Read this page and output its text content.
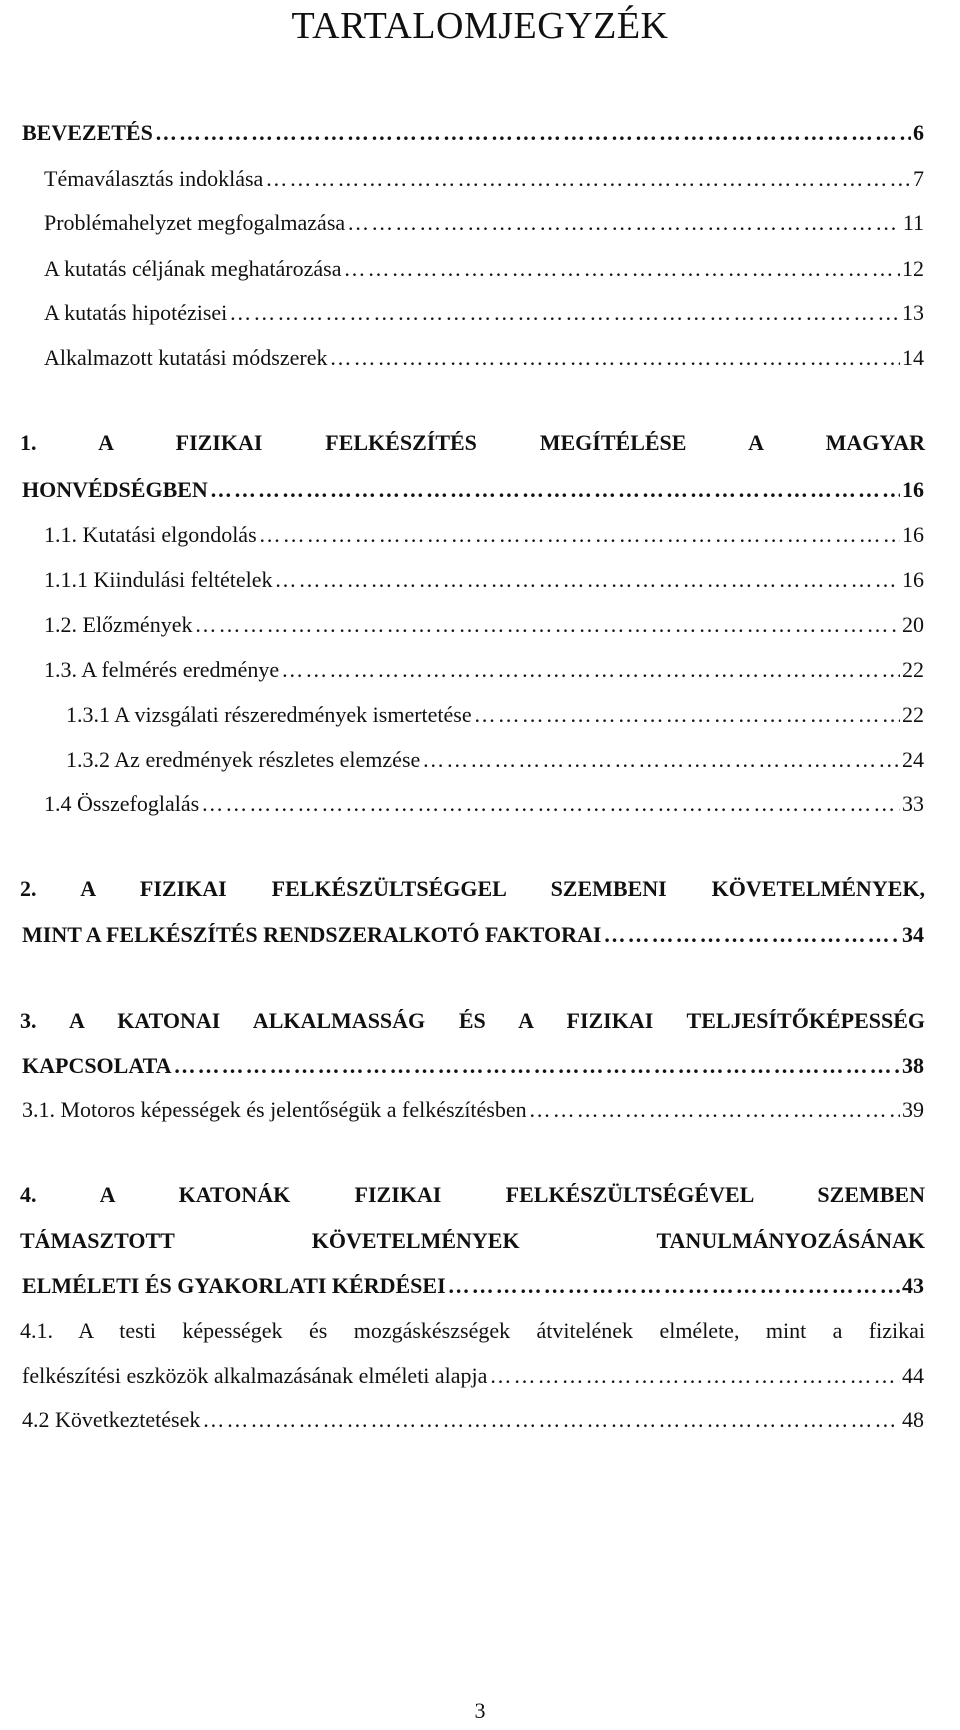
TARTALOMJEGYZÉK
BEVEZETÉS …………………………………………………………………………………………………………………………………………………………………………………………………………………………………………………………………	6
Témaválasztás indoklása …………………………………………………………………………………………………………………………………………………………………………………………………………………………………………………………………	7
Problémahelyzet megfogalmazása …………………………………………………………………………………………………………………………………………………………………………………………………………………………………………………………………	11
A kutatás céljának meghatározása …………………………………………………………………………………………………………………………………………………………………………………………………………………………………………………………………	12
A kutatás hipotézisei …………………………………………………………………………………………………………………………………………………………………………………………………………………………………………………………………	13
Alkalmazott kutatási módszerek …………………………………………………………………………………………………………………………………………………………………………………………………………………………………………………………………	14
1. A FIZIKAI FELKÉSZÍTÉS MEGÍTÉLÉSE A MAGYAR
HONVÉDSÉGBEN …………………………………………………………………………………………………………………………………………………………………………………………………………………………………………………………………	16
1.1. Kutatási elgondolás …………………………………………………………………………………………………………………………………………………………………………………………………………………………………………………………………	16
1.1.1 Kiindulási feltételek …………………………………………………………………………………………………………………………………………………………………………………………………………………………………………………………………	16
1.2. Előzmények …………………………………………………………………………………………………………………………………………………………………………………………………………………………………………………………………	20
1.3. A felmérés eredménye …………………………………………………………………………………………………………………………………………………………………………………………………………………………………………………………………	22
1.3.1 A vizsgálati részeredmények ismertetése …………………………………………………………………………………………………………………………………………………………………………………………………………………………………………………………………	22
1.3.2 Az eredmények részletes elemzése …………………………………………………………………………………………………………………………………………………………………………………………………………………………………………………………………	24
1.4 Összefoglalás …………………………………………………………………………………………………………………………………………………………………………………………………………………………………………………………………	33
2. A FIZIKAI FELKÉSZÜLTSÉGGEL SZEMBENI KÖVETELMÉNYEK,
MINT A FELKÉSZÍTÉS RENDSZERALKOTÓ FAKTORAI …………………………………………………………………………………………………………………………………………………………………………………………………………………………………………………………………	34
3. A KATONAI ALKALMASSÁG ÉS A FIZIKAI TELJESÍTŐKÉPESSÉG
KAPCSOLATA …………………………………………………………………………………………………………………………………………………………………………………………………………………………………………………………………	38
3.1. Motoros képességek és jelentőségük a felkészítésben …………………………………………………………………………………………………………………………………………………………………………………………………………………………………………………………………	39
4. A KATONÁK FIZIKAI FELKÉSZÜLTSÉGÉVEL SZEMBEN
TÁMASZTOTT KÖVETELMÉNYEK TANULMÁNYOZÁSÁNAK
ELMÉLETI ÉS GYAKORLATI KÉRDÉSEI …………………………………………………………………………………………………………………………………………………………………………………………………………………………………………………………………	43
4.1. A testi képességek és mozgáskészségek átvitelének elmélete, mint a fizikai
felkészítési eszközök alkalmazásának elméleti alapja …………………………………………………………………………………………………………………………………………………………………………………………………………………………………………………………………	44
4.2 Következtetések …………………………………………………………………………………………………………………………………………………………………………………………………………………………………………………………………	48
3
